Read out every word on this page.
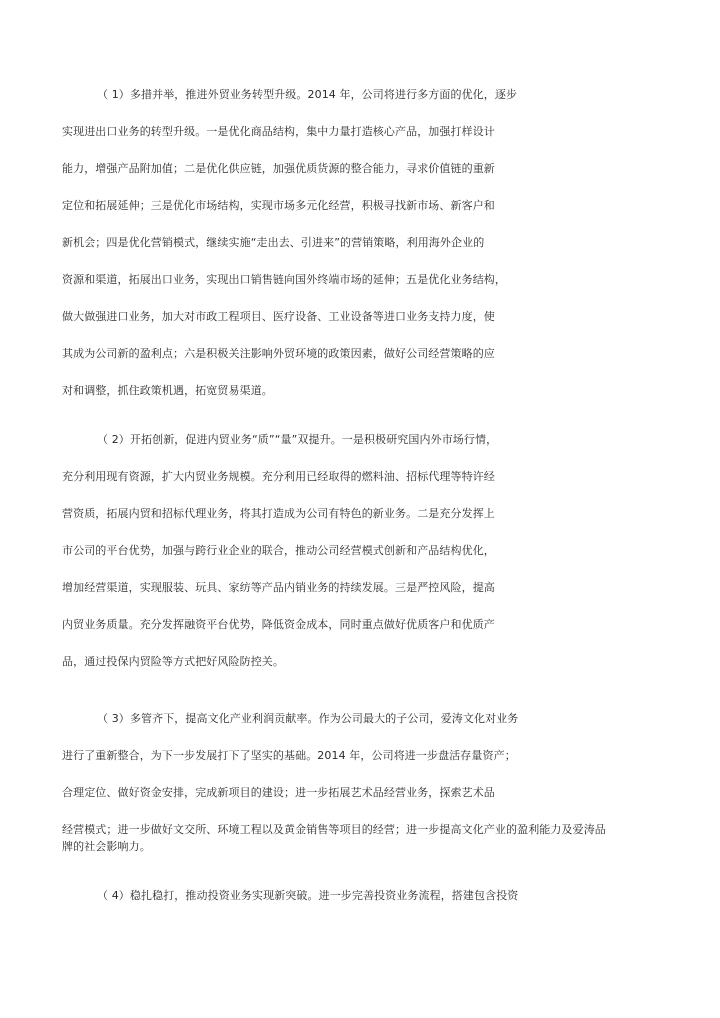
（ 1）多措并举，推进外贸业务转型升级。2014 年，公司将进行多方面的优化，逐步
实现进出口业务的转型升级。一是优化商品结构，集中力量打造核心产品，加强打样设计
能力，增强产品附加值；二是优化供应链，加强优质货源的整合能力，寻求价值链的重新
定位和拓展延伸；三是优化市场结构，实现市场多元化经营，积极寻找新市场、新客户和
新机会；四是优化营销模式，继续实施“走出去、引进来”的营销策略，利用海外企业的
资源和渠道，拓展出口业务，实现出口销售链向国外终端市场的延伸；五是优化业务结构，
做大做强进口业务，加大对市政工程项目、医疗设备、工业设备等进口业务支持力度，使
其成为公司新的盈利点；六是积极关注影响外贸环境的政策因素，做好公司经营策略的应
对和调整，抓住政策机遇，拓宽贸易渠道。
（ 2）开拓创新，促进内贸业务“质”“量”双提升。一是积极研究国内外市场行情，
充分利用现有资源，扩大内贸业务规模。充分利用已经取得的燃料油、招标代理等特许经
营资质，拓展内贸和招标代理业务，将其打造成为公司有特色的新业务。二是充分发挥上
市公司的平台优势，加强与跨行业企业的联合，推动公司经营模式创新和产品结构优化，
增加经营渠道，实现服装、玩具、家纺等产品内销业务的持续发展。三是严控风险，提高
内贸业务质量。充分发挥融资平台优势，降低资金成本，同时重点做好优质客户和优质产
品，通过投保内贸险等方式把好风险防控关。
（ 3）多管齐下，提高文化产业利润贡献率。作为公司最大的子公司，爱涛文化对业务
进行了重新整合，为下一步发展打下了坚实的基础。2014 年，公司将进一步盘活存量资产；
合理定位、做好资金安排，完成新项目的建设；进一步拓展艺术品经营业务，探索艺术品
经营模式；进一步做好文交所、环境工程以及黄金销售等项目的经营；进一步提高文化产业的盈利能力及爱涛品
牌的社会影响力。
（ 4）稳扎稳打，推动投资业务实现新突破。进一步完善投资业务流程，搭建包含投资
